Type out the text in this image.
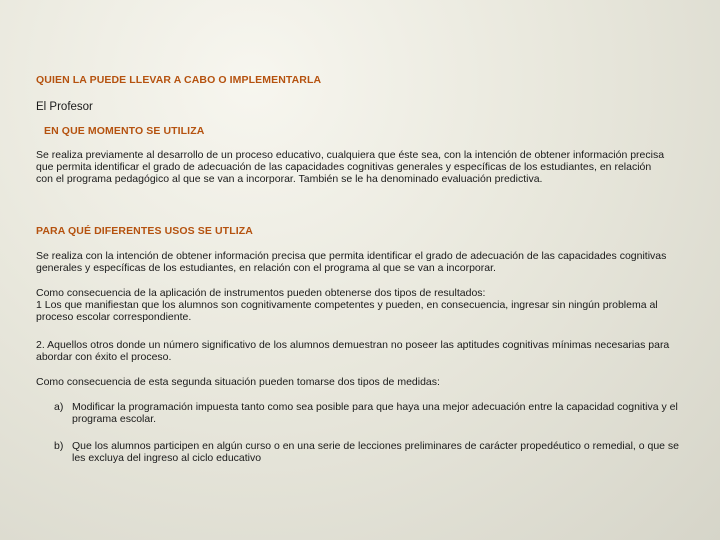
QUIEN LA PUEDE LLEVAR A CABO O IMPLEMENTARLA

El Profesor

EN QUE MOMENTO SE UTILIZA

Se realiza previamente al desarrollo de un proceso educativo, cualquiera que éste sea, con la intención de obtener información precisa que permita identificar el grado de adecuación de las capacidades cognitivas generales y específicas de los estudiantes, en relación con el programa pedagógico al que se van a incorporar. También se le ha denominado evaluación predictiva.

PARA QUÉ DIFERENTES USOS SE UTLIZA

Se realiza con la intención de obtener información precisa que permita identificar el grado de adecuación de las capacidades cognitivas generales y específicas de los estudiantes, en relación con el programa al que se van a incorporar.

Como consecuencia de la aplicación de instrumentos pueden obtenerse dos tipos de resultados:

1 Los que manifiestan que los alumnos son cognitivamente competentes y pueden, en consecuencia, ingresar sin ningún problema al proceso escolar correspondiente.

2. Aquellos otros donde un número significativo de los alumnos demuestran no poseer las aptitudes cognitivas mínimas necesarias para abordar con éxito el proceso.

Como consecuencia de esta segunda situación pueden tomarse dos tipos de medidas:

a) Modificar la programación impuesta tanto como sea posible para que haya una mejor adecuación entre la capacidad cognitiva y el programa escolar.
b) Que los alumnos participen en algún curso o en una serie de lecciones preliminares de carácter propedéutico o remedial, o que se les excluya del ingreso al ciclo educativo
